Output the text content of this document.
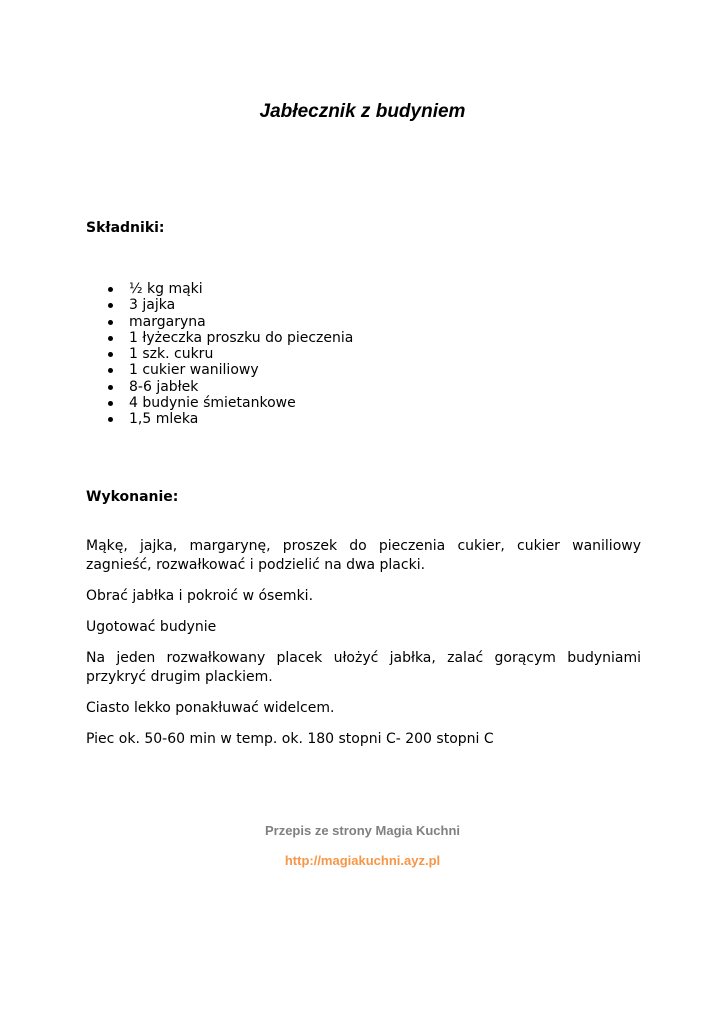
Jabłecznik z budyniem
Składniki:
½ kg mąki
3 jajka
margaryna
1 łyżeczka proszku do pieczenia
1 szk. cukru
1 cukier waniliowy
8-6 jabłek
4 budynie śmietankowe
1,5 mleka
Wykonanie:

Mąkę, jajka, margarynę, proszek do pieczenia cukier, cukier waniliowy zagnieść, rozwałkować i podzielić na dwa placki.

Obrać jabłka i pokroić w ósemki.

Ugotować budynie

Na jeden rozwałkowany placek ułożyć jabłka, zalać gorącym budyniami przykryć drugim plackiem.

Ciasto lekko ponakłuwać widelcem.

Piec ok. 50-60 min w temp. ok. 180 stopni C- 200 stopni C

Przepis ze strony Magia Kuchni
http://magiakuchni.ayz.pl
